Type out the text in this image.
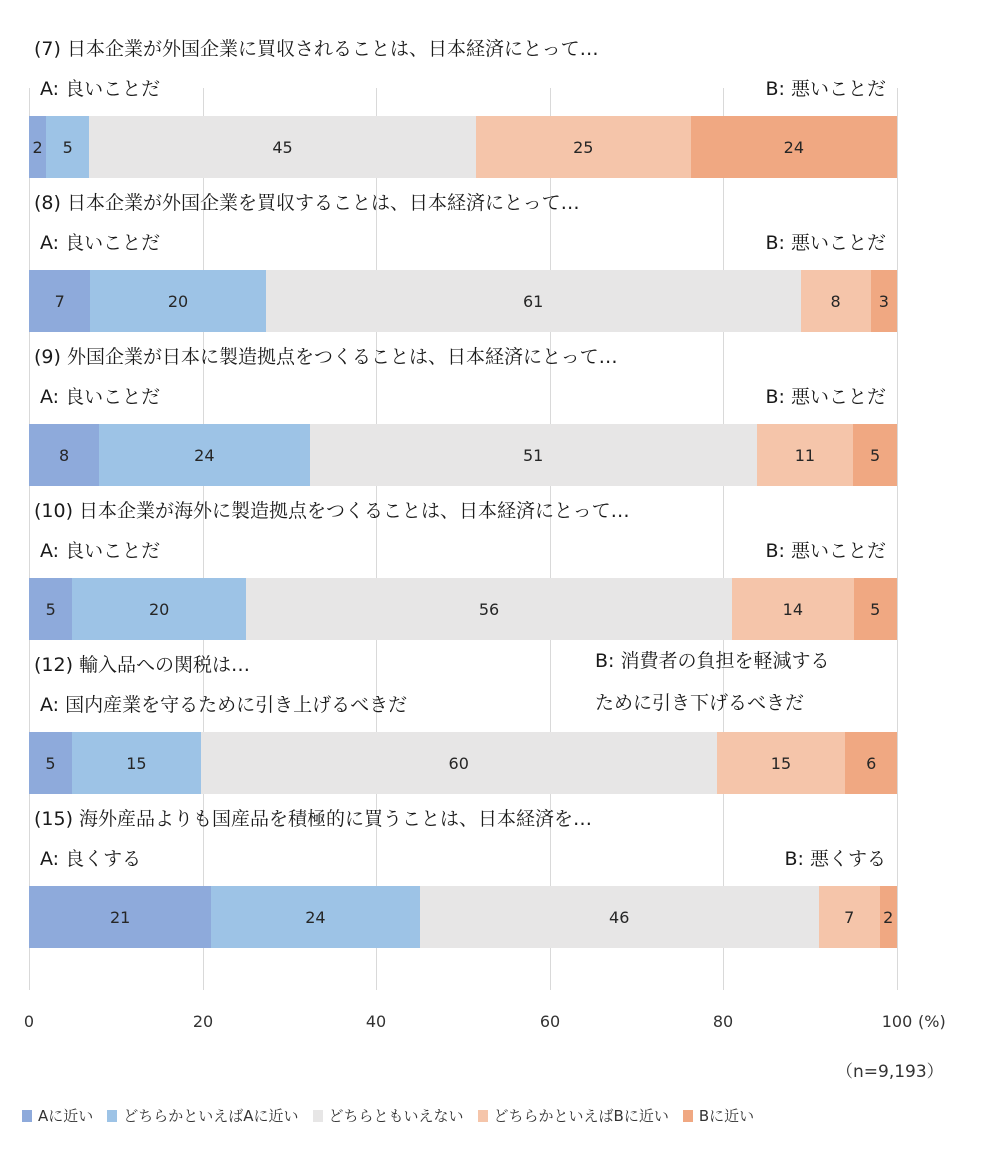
(7) 日本企業が外国企業に買収されることは、日本経済にとって…
A: 良いことだ	B: 悪いことだ
2	5	45	25	24
(8) 日本企業が外国企業を買収することは、日本経済にとって…
A: 良いことだ	B: 悪いことだ
7	20	61	8	3
(9) 外国企業が日本に製造拠点をつくることは、日本経済にとって…
A: 良いことだ	B: 悪いことだ
8	24	51	11	5
(10) 日本企業が海外に製造拠点をつくることは、日本経済にとって…
A: 良いことだ	B: 悪いことだ
5	20	56	14	5
(12) 輸入品への関税は…
A: 国内産業を守るために引き上げるべきだ
B: 消費者の負担を軽減する
ために引き下げるべきだ
5	15	60	15	6
(15) 海外産品よりも国産品を積極的に買うことは、日本経済を…
A: 良くする	B: 悪くする
21	24	46	7	2
0	20	40	60	80	100 (%)
（n=9,193）
Aに近い どちらかといえばAに近い どちらともいえない どちらかといえばBに近い Bに近い
